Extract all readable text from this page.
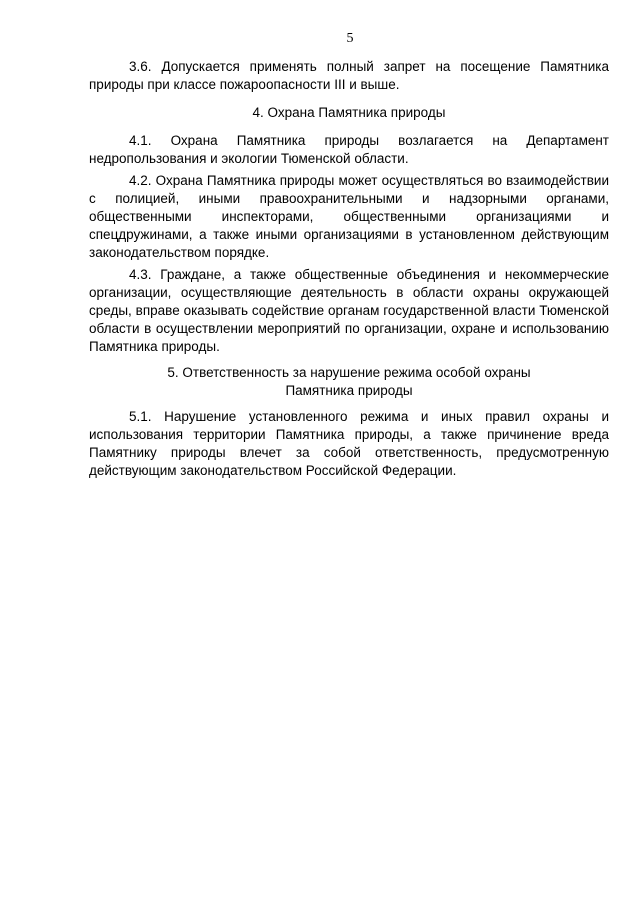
5

3.6. Допускается применять полный запрет на посещение Памятника природы при классе пожароопасности III и выше.

4. Охрана Памятника природы

4.1. Охрана Памятника природы возлагается на Департамент недропользования и экологии Тюменской области.

4.2. Охрана Памятника природы может осуществляться во взаимодействии с полицией, иными правоохранительными и надзорными органами, общественными инспекторами, общественными организациями и спецдружинами, а также иными организациями в установленном действующим законодательством порядке.

4.3. Граждане, а также общественные объединения и некоммерческие организации, осуществляющие деятельность в области охраны окружающей среды, вправе оказывать содействие органам государственной власти Тюменской области в осуществлении мероприятий по организации, охране и использованию Памятника природы.

5. Ответственность за нарушение режима особой охраны

Памятника природы

5.1. Нарушение установленного режима и иных правил охраны и использования территории Памятника природы, а также причинение вреда Памятнику природы влечет за собой ответственность, предусмотренную действующим законодательством Российской Федерации.
